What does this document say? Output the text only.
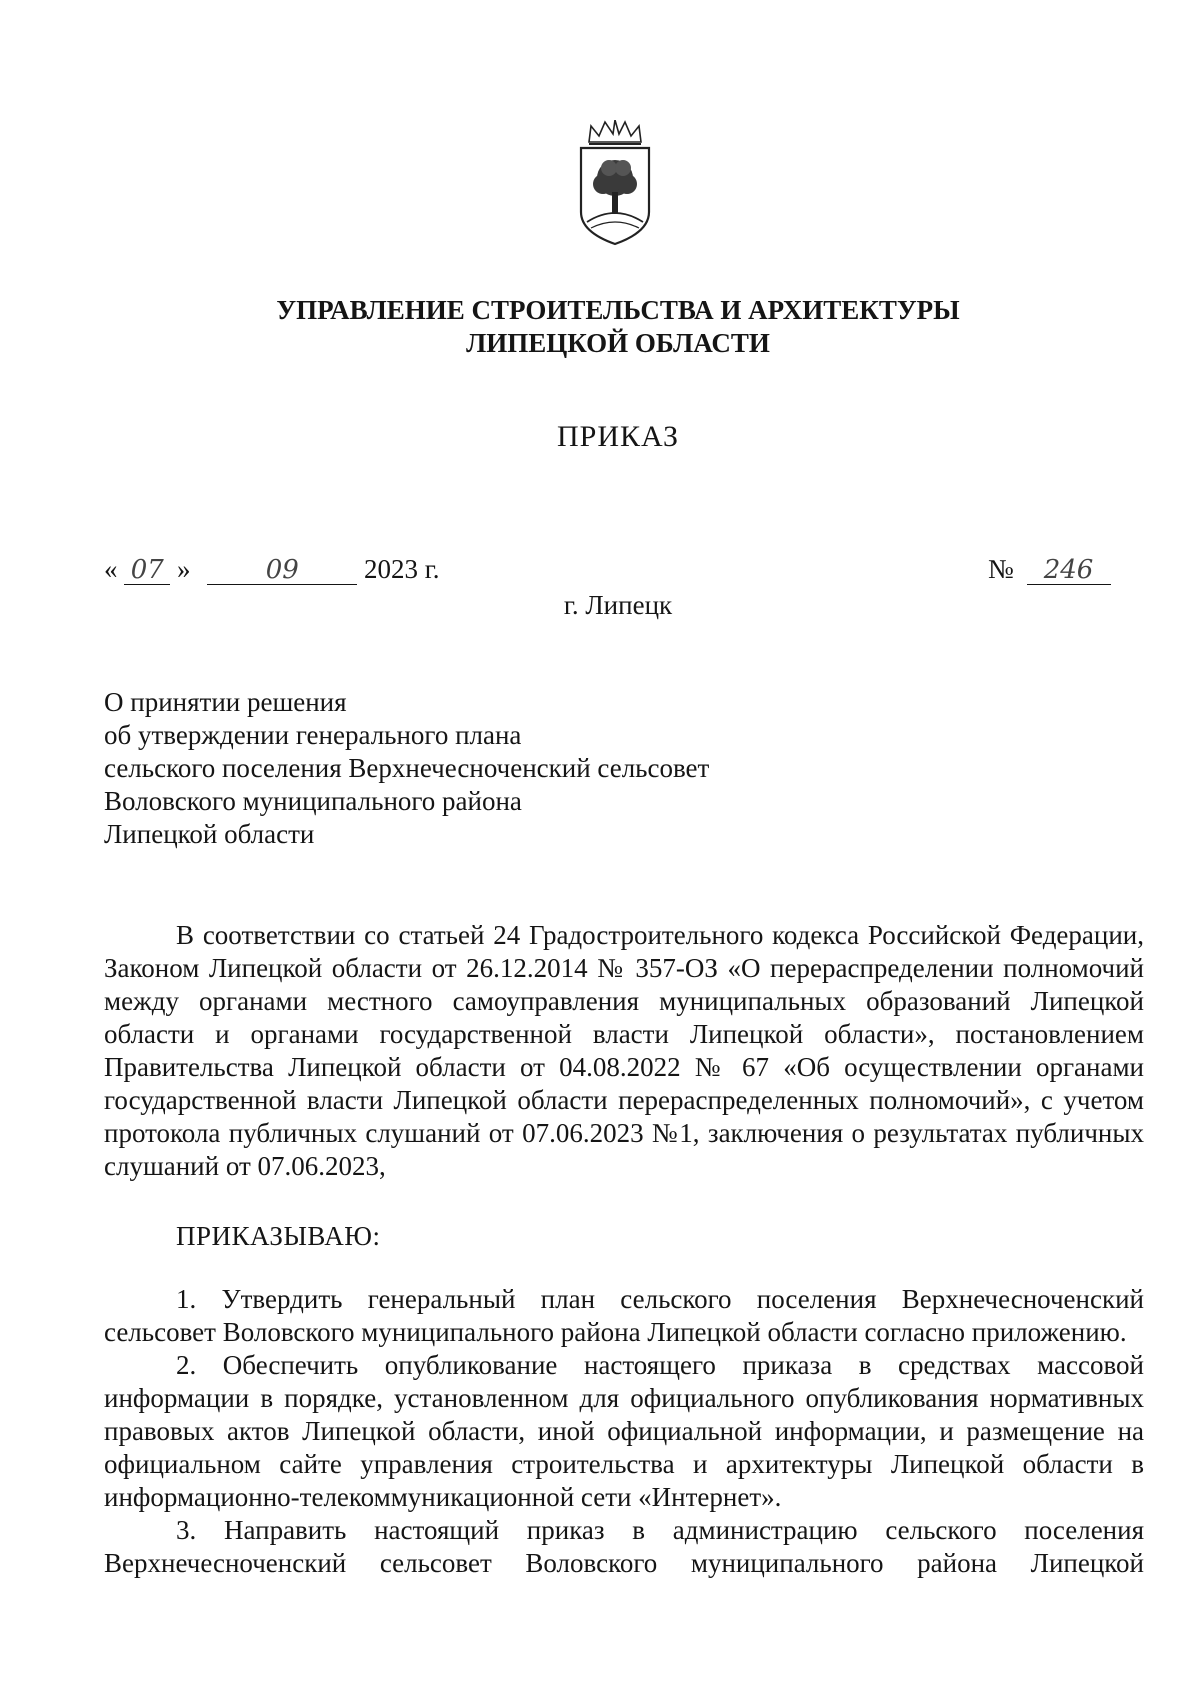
УПРАВЛЕНИЕ СТРОИТЕЛЬСТВА И АРХИТЕКТУРЫ
ЛИПЕЦКОЙ ОБЛАСТИ
ПРИКАЗ
« 07 »	09 2023 г.	№ 246
г. Липецк
О принятии решения
об утверждении генерального плана
сельского поселения Верхнечесноченский сельсовет
Воловского муниципального района
Липецкой области

В соответствии со статьей 24 Градостроительного кодекса Российской Федерации, Законом Липецкой области от 26.12.2014 № 357-ОЗ «О перераспределении полномочий между органами местного самоуправления муниципальных образований Липецкой области и органами государственной власти Липецкой области», постановлением Правительства Липецкой области от 04.08.2022 № 67 «Об осуществлении органами государственной власти Липецкой области перераспределенных полномочий», с учетом протокола публичных слушаний от 07.06.2023 №1, заключения о результатах публичных слушаний от 07.06.2023,

ПРИКАЗЫВАЮ:

1. Утвердить генеральный план сельского поселения Верхнечесноченский сельсовет Воловского муниципального района Липецкой области согласно приложению.

2. Обеспечить опубликование настоящего приказа в средствах массовой информации в порядке, установленном для официального опубликования нормативных правовых актов Липецкой области, иной официальной информации, и размещение на официальном сайте управления строительства и архитектуры Липецкой области в информационно-телекоммуникационной сети «Интернет».

3. Направить настоящий приказ в администрацию сельского поселения Верхнечесноченский сельсовет Воловского муниципального района Липецкой
